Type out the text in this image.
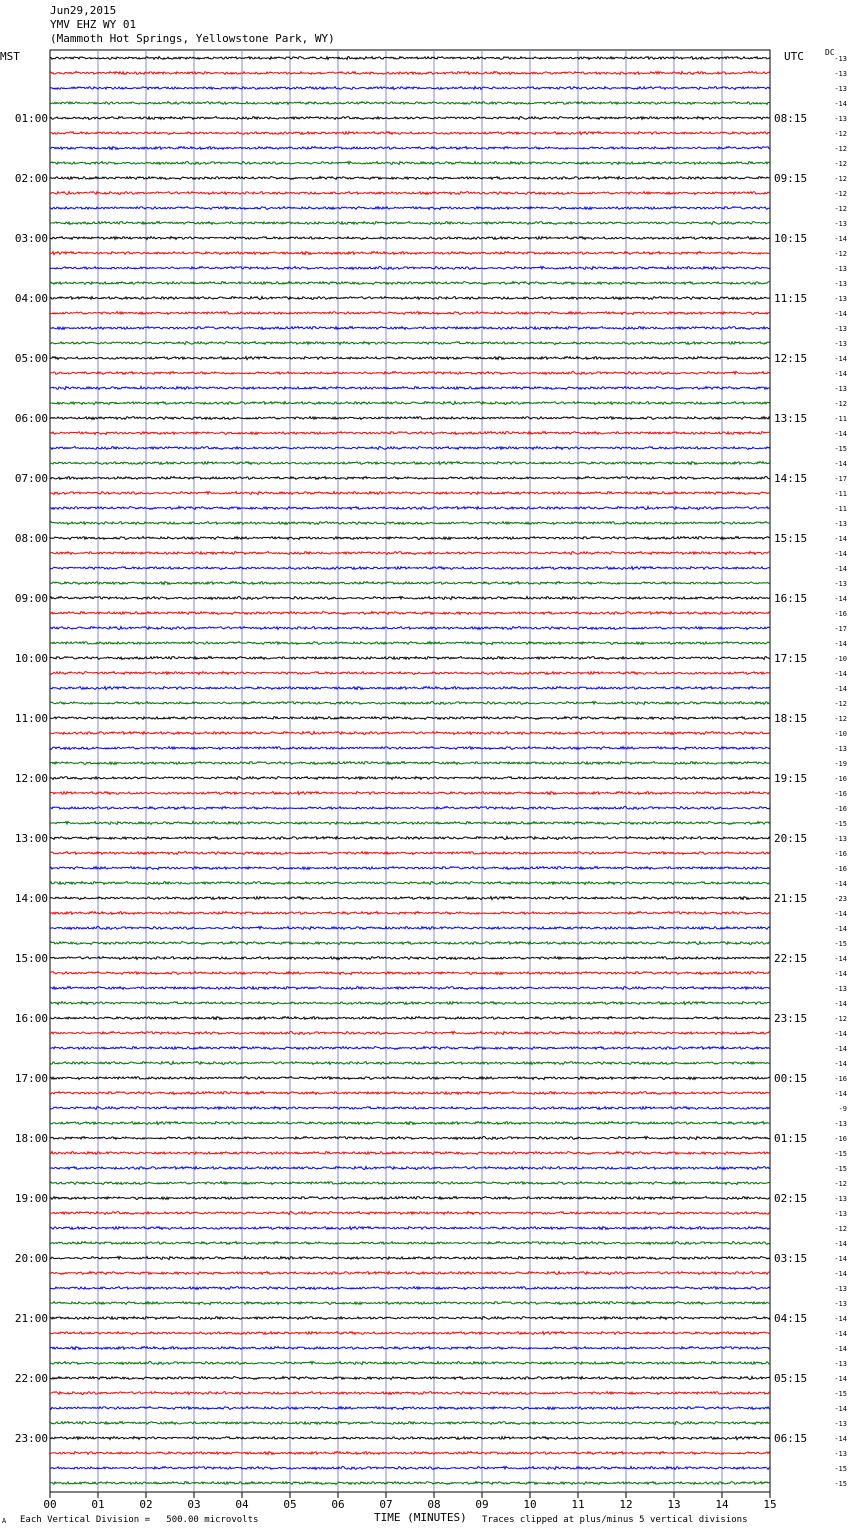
Jun29,2015
YMV EHZ WY 01
(Mammoth Hot Springs, Yellowstone Park, WY)
MST	UTC	DC
00	01	02	03	04	05	06	07	08	09	10	11	12	13	14	15
-13
-13
-13
-14
-13
-12
-12
-12
-12
-12
-12
-13
-14
-12
-13
-13
-13
-14
-13
-13
-14
-14
-13
-12
-11
-14
-15
-14
-17
-11
-11
-13
-14
-14
-14
-13
-14
-16
-17
-14
-10
-14
-14
-12
-12
-10
-13
-19
-16
-16
-16
-15
-13
-16
-16
-14
-23
-14
-14
-15
-14
-14
-13
-14
-12
-14
-14
-14
-16
-14
-9
-13
-16
-15
-15
-12
-13
-13
-12
-14
-14
-14
-13
-13
-14
-14
-14
-13
-14
-15
-14
-13
-14
-13
-15
-15
01:00	08:15
02:00	09:15
03:00	10:15
04:00	11:15
05:00	12:15
06:00	13:15
07:00	14:15
08:00	15:15
09:00	16:15
10:00	17:15
11:00	18:15
12:00	19:15
13:00	20:15
14:00	21:15
15:00	22:15
16:00	23:15
17:00	00:15
18:00	01:15
19:00	02:15
20:00	03:15
21:00	04:15
22:00	05:15
23:00	06:15
A Each Vertical Division =   500.00 microvolts	TIME (MINUTES) Traces clipped at plus/minus 5 vertical divisions
